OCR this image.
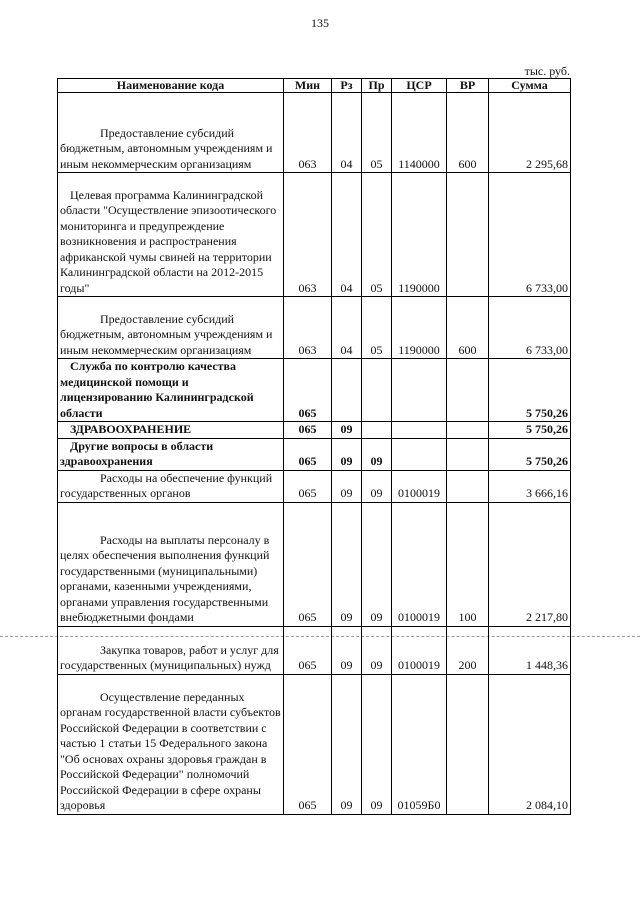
135
тыс. руб.
Наименование кода	Мин	Рз	Пр	ЦСР	ВР	Сумма
Предоставление субсидий бюджетным, автономным учреждениям и иным некоммерческим организациям	063	04	05	1140000	600	2 295,68
Целевая программа Калининградской области "Осуществление эпизоотического мониторинга и предупреждение возникновения и распространения африканской чумы свиней на территории Калининградской области на 2012-2015 годы"	063	04	05	1190000		6 733,00
Предоставление субсидий бюджетным, автономным учреждениям и иным некоммерческим организациям	063	04	05	1190000	600	6 733,00
Служба по контролю качества медицинской помощи и лицензированию Калининградской области	065					5 750,26
ЗДРАВООХРАНЕНИЕ	065	09				5 750,26
Другие вопросы в области здравоохранения	065	09	09			5 750,26
Расходы на обеспечение функций государственных органов	065	09	09	0100019		3 666,16
Расходы на выплаты персоналу в целях обеспечения выполнения функций государственными (муниципальными) органами, казенными учреждениями, органами управления государственными внебюджетными фондами	065	09	09	0100019	100	2 217,80
Закупка товаров, работ и услуг для государственных (муниципальных) нужд	065	09	09	0100019	200	1 448,36
Осуществление переданных органам государственной власти субъектов Российской Федерации в соответствии с частью 1 статьи 15 Федерального закона "Об основах охраны здоровья граждан в Российской Федерации" полномочий Российской Федерации в сфере охраны здоровья	065	09	09	01059Б0		2 084,10
